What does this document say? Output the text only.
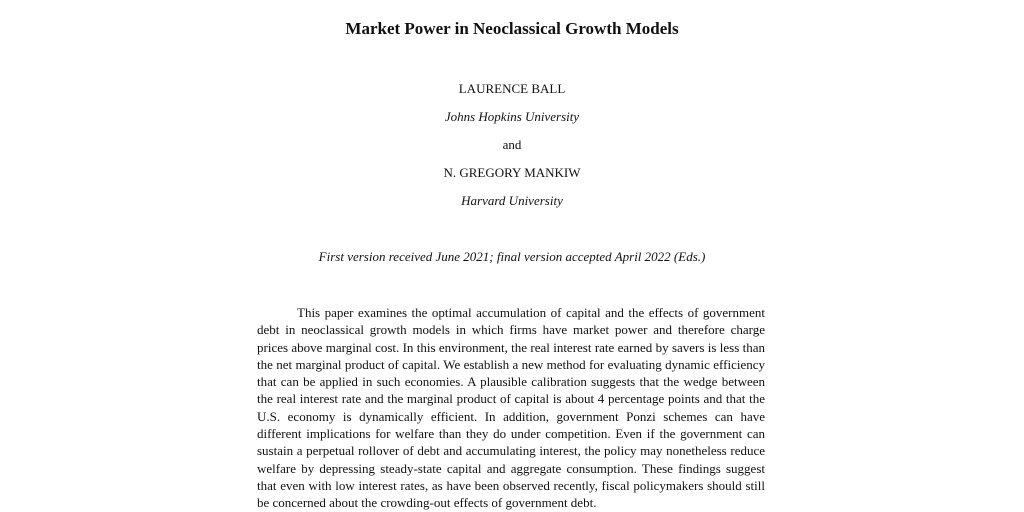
Market Power in Neoclassical Growth Models
LAURENCE BALL
Johns Hopkins University
and
N. GREGORY MANKIW
Harvard University
First version received June 2021; final version accepted April 2022 (Eds.)

This paper examines the optimal accumulation of capital and the effects of government debt in neoclassical growth models in which firms have market power and therefore charge prices above marginal cost. In this environment, the real interest rate earned by savers is less than the net marginal product of capital. We establish a new method for evaluating dynamic efficiency that can be applied in such economies. A plausible calibration suggests that the wedge between the real interest rate and the marginal product of capital is about 4 percentage points and that the U.S. economy is dynamically efficient. In addition, government Ponzi schemes can have different implications for welfare than they do under competition. Even if the government can sustain a perpetual rollover of debt and accumulating interest, the policy may nonetheless reduce welfare by depressing steady-state capital and aggregate consumption. These findings suggest that even with low interest rates, as have been observed recently, fiscal policymakers should still be concerned about the crowding-out effects of government debt.
